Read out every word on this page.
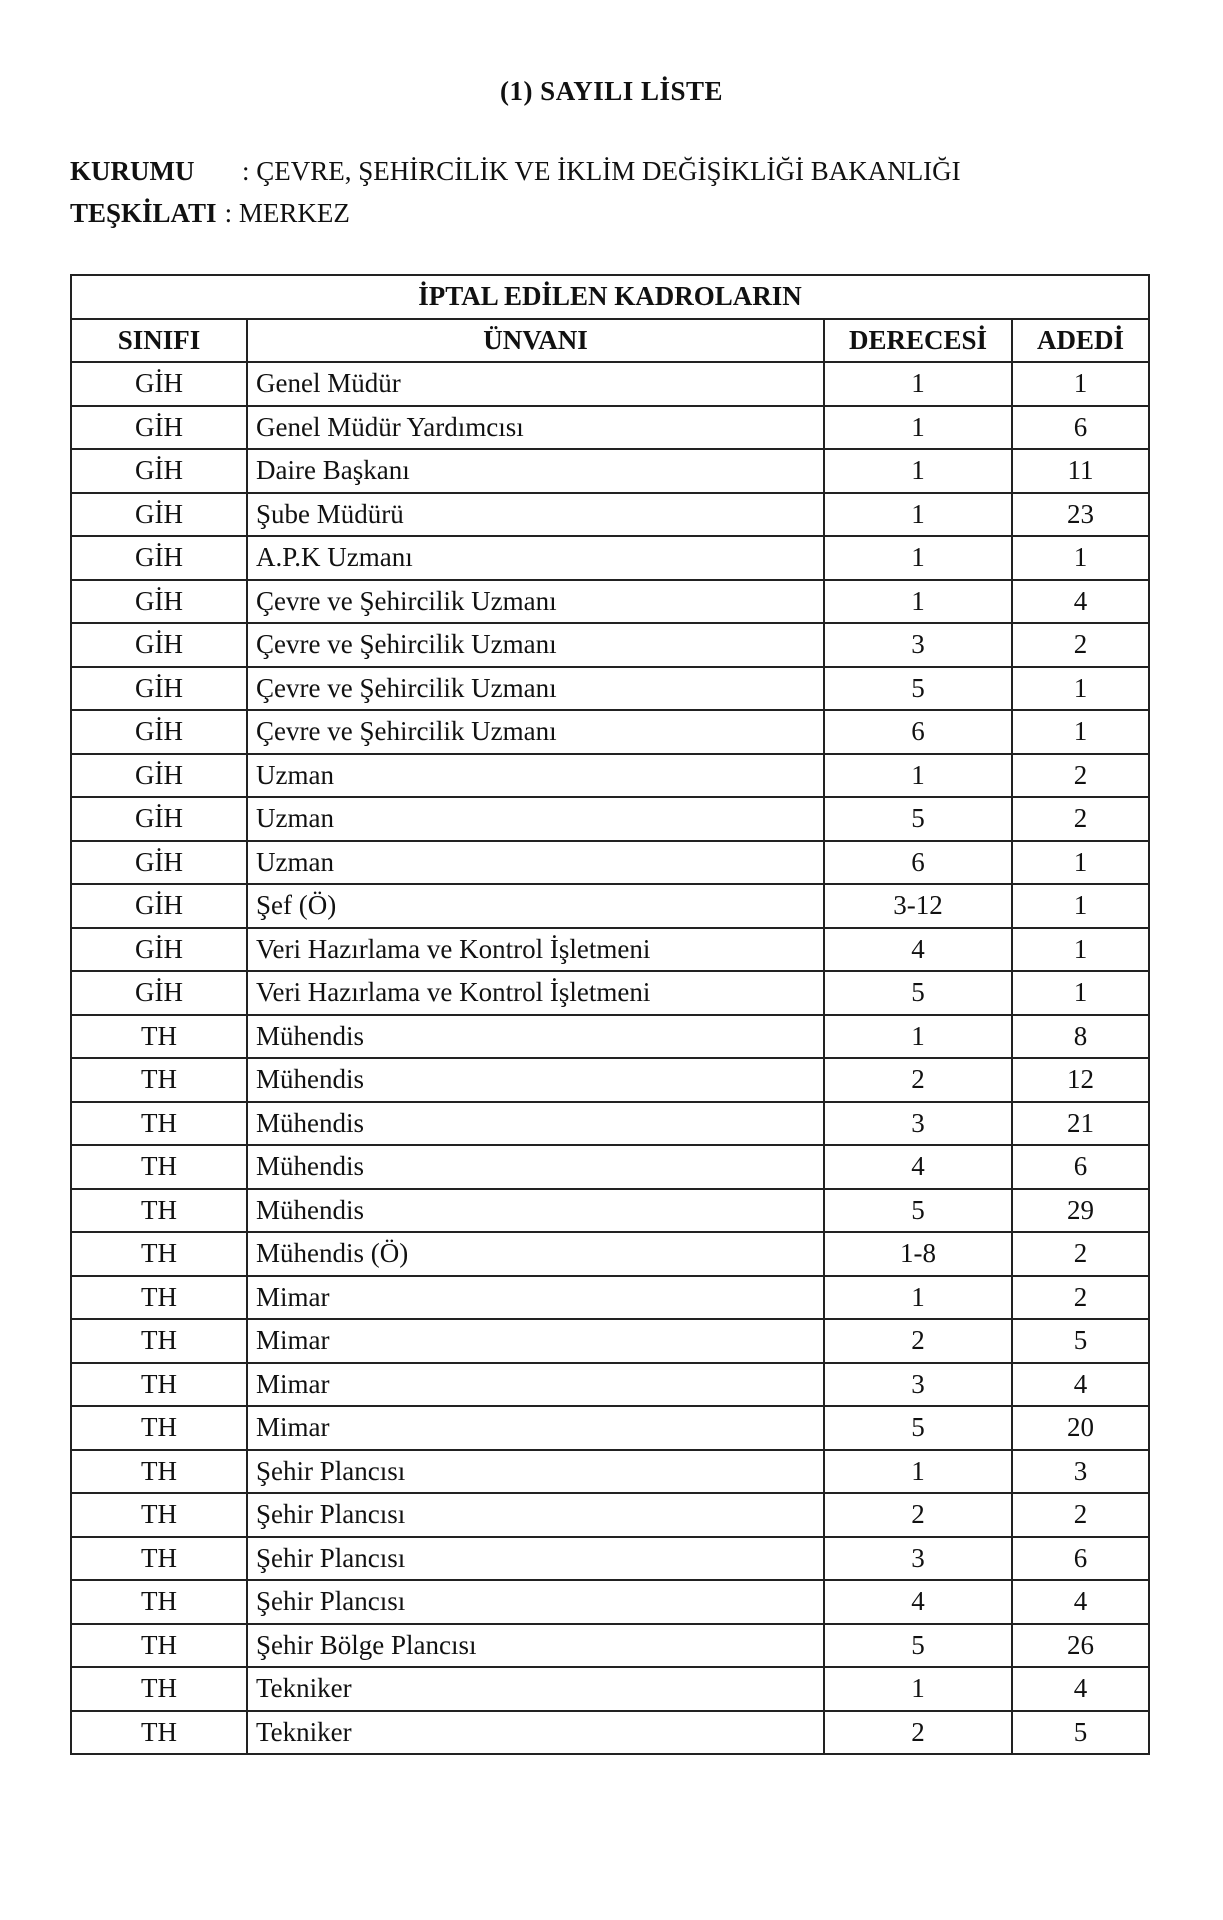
(1) SAYILI LİSTE
KURUMU : ÇEVRE, ŞEHİRCİLİK VE İKLİM DEĞİŞİKLİĞİ BAKANLIĞI
TEŞKİLATI : MERKEZ
İPTAL EDİLEN KADROLARIN			
SINIFI	ÜNVANI	DERECESİ	ADEDİ
GİH	Genel Müdür	1	1
GİH	Genel Müdür Yardımcısı	1	6
GİH	Daire Başkanı	1	11
GİH	Şube Müdürü	1	23
GİH	A.P.K Uzmanı	1	1
GİH	Çevre ve Şehircilik Uzmanı	1	4
GİH	Çevre ve Şehircilik Uzmanı	3	2
GİH	Çevre ve Şehircilik Uzmanı	5	1
GİH	Çevre ve Şehircilik Uzmanı	6	1
GİH	Uzman	1	2
GİH	Uzman	5	2
GİH	Uzman	6	1
GİH	Şef (Ö)	3-12	1
GİH	Veri Hazırlama ve Kontrol İşletmeni	4	1
GİH	Veri Hazırlama ve Kontrol İşletmeni	5	1
TH	Mühendis	1	8
TH	Mühendis	2	12
TH	Mühendis	3	21
TH	Mühendis	4	6
TH	Mühendis	5	29
TH	Mühendis (Ö)	1-8	2
TH	Mimar	1	2
TH	Mimar	2	5
TH	Mimar	3	4
TH	Mimar	5	20
TH	Şehir Plancısı	1	3
TH	Şehir Plancısı	2	2
TH	Şehir Plancısı	3	6
TH	Şehir Plancısı	4	4
TH	Şehir Bölge Plancısı	5	26
TH	Tekniker	1	4
TH	Tekniker	2	5
